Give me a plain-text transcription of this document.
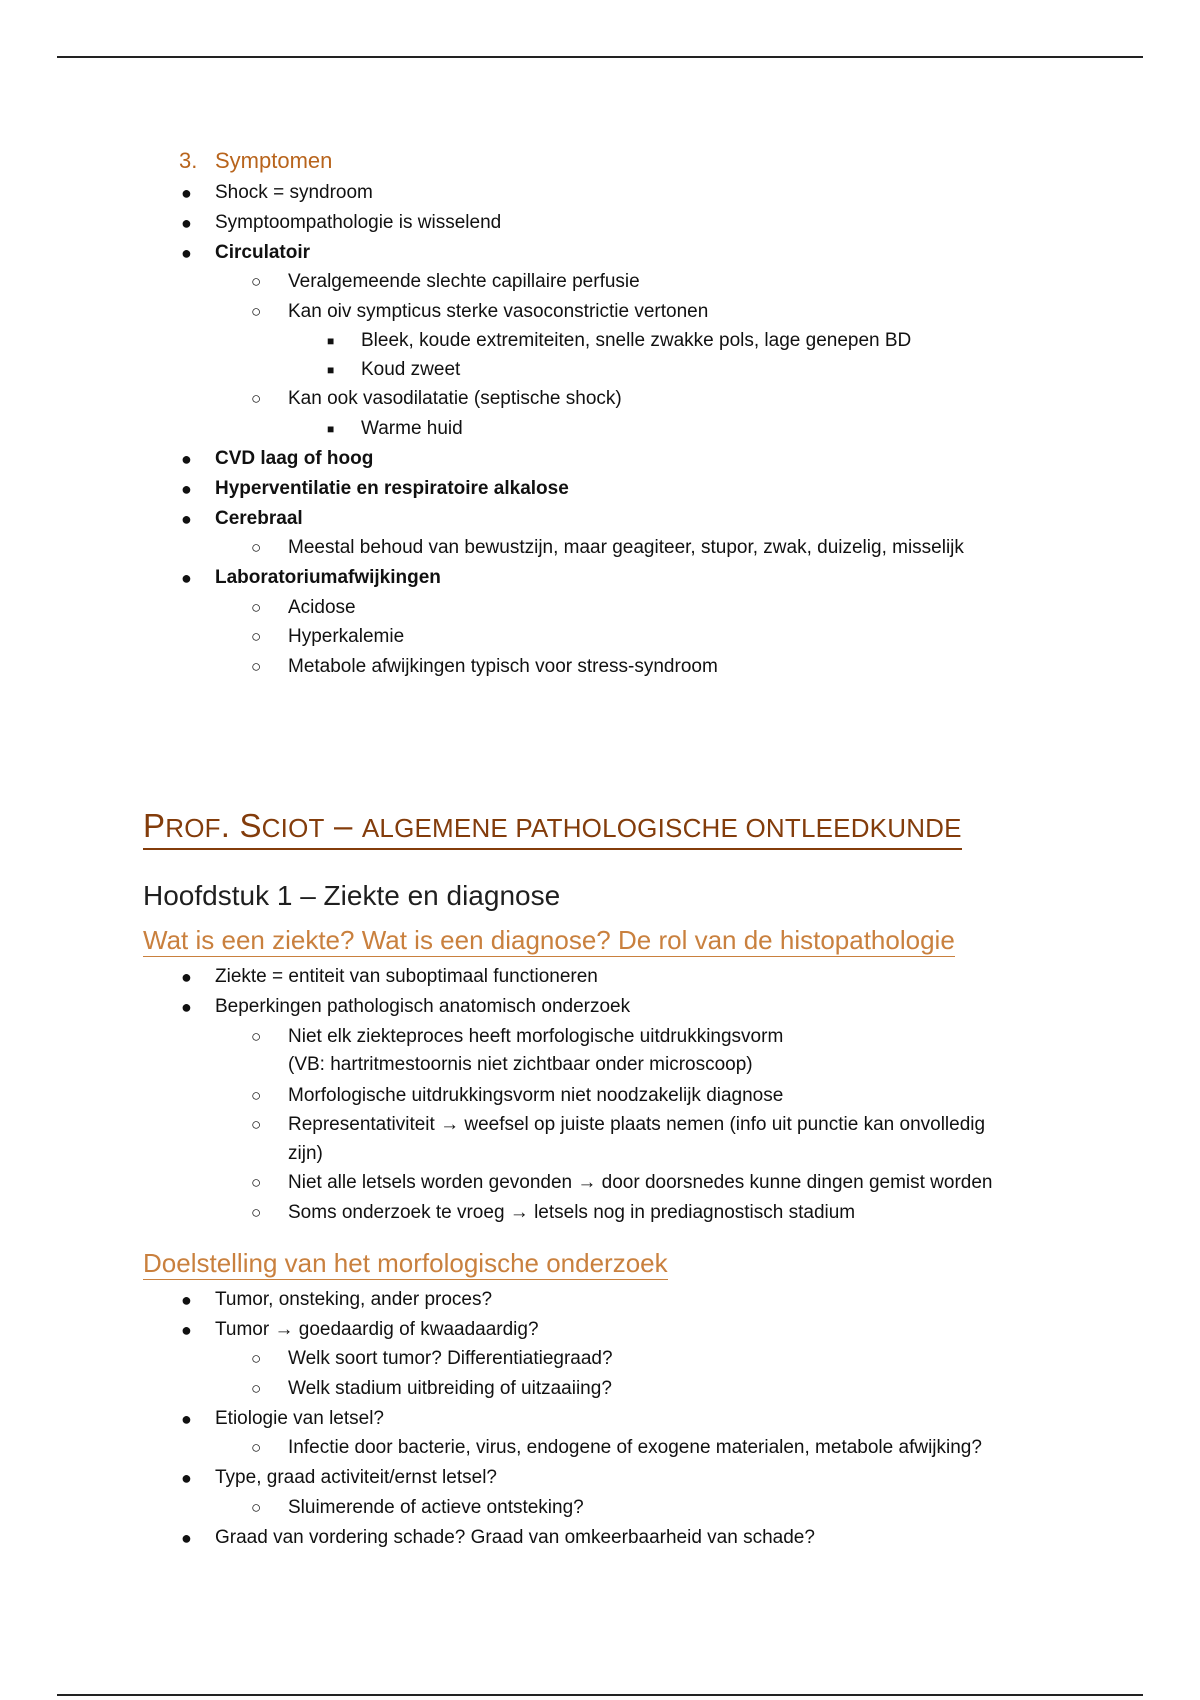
3. Symptomen
● Shock = syndroom
● Symptoompathologie is wisselend
● Circulatoir
○ Veralgemeende slechte capillaire perfusie
○ Kan oiv sympticus sterke vasoconstrictie vertonen
■ Bleek, koude extremiteiten, snelle zwakke pols, lage genepen BD
■ Koud zweet
○ Kan ook vasodilatatie (septische shock)
■ Warme huid
● CVD laag of hoog
● Hyperventilatie en respiratoire alkalose
● Cerebraal
○ Meestal behoud van bewustzijn, maar geagiteer, stupor, zwak, duizelig, misselijk
● Laboratoriumafwijkingen
○ Acidose
○ Hyperkalemie
○ Metabole afwijkingen typisch voor stress-syndroom
PROF. SCIOT – ALGEMENE PATHOLOGISCHE ONTLEEDKUNDE
Hoofdstuk 1 – Ziekte en diagnose
Wat is een ziekte? Wat is een diagnose? De rol van de histopathologie
● Ziekte = entiteit van suboptimaal functioneren
● Beperkingen pathologisch anatomisch onderzoek
○ Niet elk ziekteproces heeft morfologische uitdrukkingsvorm
(VB: hartritmestoornis niet zichtbaar onder microscoop)
○ Morfologische uitdrukkingsvorm niet noodzakelijk diagnose
○ Representativiteit → weefsel op juiste plaats nemen (info uit punctie kan onvolledig
zijn)
○ Niet alle letsels worden gevonden → door doorsnedes kunne dingen gemist worden
○ Soms onderzoek te vroeg → letsels nog in prediagnostisch stadium
Doelstelling van het morfologische onderzoek
● Tumor, onsteking, ander proces?
● Tumor → goedaardig of kwaadaardig?
○ Welk soort tumor? Differentiatiegraad?
○ Welk stadium uitbreiding of uitzaaiing?
● Etiologie van letsel?
○ Infectie door bacterie, virus, endogene of exogene materialen, metabole afwijking?
● Type, graad activiteit/ernst letsel?
○ Sluimerende of actieve ontsteking?
● Graad van vordering schade? Graad van omkeerbaarheid van schade?
